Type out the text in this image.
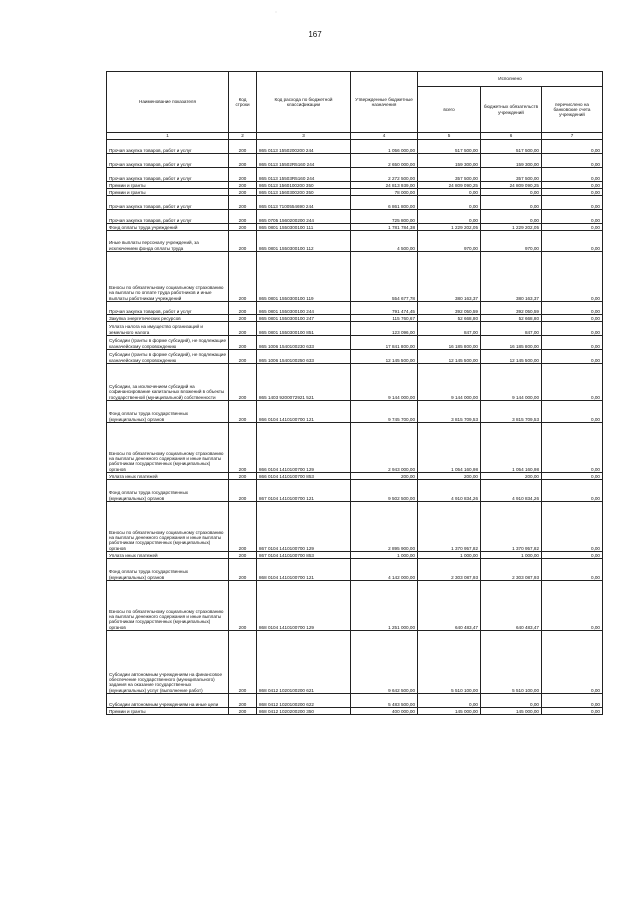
167
Наименование показателя	Код строки	Код расхода по бюджетной классификации	Утвержденные бюджетные назначения	Исполнено		
				всего	бюджетных обязательств учреждений	перечислено на банковские счета учреждений
1	2	3	4	5	6	7
Прочая закупка товаров, работ и услуг	200	865 0113 1550200200 244	1 056 000,00	517 500,00	517 500,00	0,00
Прочая закупка товаров, работ и услуг	200	865 0113 15502R5160 244	2 650 000,00	159 300,00	159 300,00	0,00
Прочая закупка товаров, работ и услуг	200	865 0113 15503R5160 244	2 272 500,00	357 500,00	357 500,00	0,00
Премии и гранты	200	865 0113 1560100200 350	24 813 939,00	24 809 090,25	24 809 090,25	0,00
Премии и гранты	200	865 0113 1560300200 350	78 000,00	0,00	0,00	0,00
Прочая закупка товаров, работ и услуг	200	865 0113 7100554690 244	6 861 800,00	0,00	0,00	0,00
Прочая закупка товаров, работ и услуг	200	865 0705 1560200200 244	725 800,00	0,00	0,00	0,00
Фонд оплаты труда учреждений	200	865 0801 1550300100 111	1 781 784,38	1 229 202,05	1 229 202,05	0,00
Иные выплаты персоналу учреждений, за исключением фонда оплаты труда	200	865 0801 1550300100 112	4 500,00	970,00	970,00	0,00
Взносы по обязательному социальному страхованию на выплаты по оплате труда работников и иные выплаты работникам учреждений	200	865 0801 1550300100 119	554 677,78	380 163,37	380 163,37	0,00
Прочая закупка товаров, работ и услуг	200	865 0801 1550300100 244	791 474,45	392 050,59	392 050,59	0,00
Закупка энергетических ресурсов	200	865 0801 1550300100 247	115 760,67	52 668,80	52 668,80	0,00
Уплата налога на имущество организаций и земельного налога	200	865 0801 1550300100 851	123 096,00	847,00	847,00	0,00
Субсидии (гранты в форме субсидий), не подлежащие казначейскому сопровождению	200	865 1006 1540100230 633	17 841 800,00	16 185 800,00	16 185 800,00	0,00
Субсидии (гранты в форме субсидий), не подлежащие казначейскому сопровождению	200	865 1006 1540100250 633	12 145 500,00	12 145 500,00	12 145 500,00	0,00
Субсидии, за исключением субсидий на софинансирование капитальных вложений в объекты государственной (муниципальной) собственности	200	865 1403 9200072921 521	9 144 000,00	9 144 000,00	9 144 000,00	0,00
Фонд оплаты труда государственных (муниципальных) органов	200	866 0104 1410100700 121	9 745 700,00	3 815 709,53	3 815 709,53	0,00
Взносы по обязательному социальному страхованию на выплаты денежного содержания и иные выплаты работникам государственных (муниципальных) органов	200	866 0104 1410100700 129	2 943 000,00	1 054 160,98	1 054 160,98	0,00
Уплата иных платежей	200	866 0104 1410100700 853	200,00	200,00	200,00	0,00
Фонд оплаты труда государственных (муниципальных) органов	200	867 0104 1410100700 121	9 502 500,00	4 910 834,26	4 910 834,26	0,00
Взносы по обязательному социальному страхованию на выплаты денежного содержания и иные выплаты работникам государственных (муниципальных) органов	200	867 0104 1410100700 129	2 895 900,00	1 370 957,82	1 370 957,82	0,00
Уплата иных платежей	200	867 0104 1410100700 853	1 000,00	1 000,00	1 000,00	0,00
Фонд оплаты труда государственных (муниципальных) органов	200	868 0104 1410100700 121	4 142 000,00	2 303 087,93	2 303 087,93	0,00
Взносы по обязательному социальному страхованию на выплаты денежного содержания и иные выплаты работникам государственных (муниципальных) органов	200	868 0104 1410100700 129	1 251 000,00	640 483,47	640 483,47	0,00
Субсидии автономным учреждениям на финансовое обеспечение государственного (муниципального) задания на оказание государственных (муниципальных) услуг (выполнение работ)	200	868 0412 1020100200 621	9 642 500,00	5 510 100,00	5 510 100,00	0,00
Субсидии автономным учреждениям на иные цели	200	868 0412 1020100200 622	5 483 500,00	0,00	0,00	0,00
Премии и гранты	200	868 0412 1020200200 350	400 000,00	145 000,00	145 000,00	0,00
ˈ
